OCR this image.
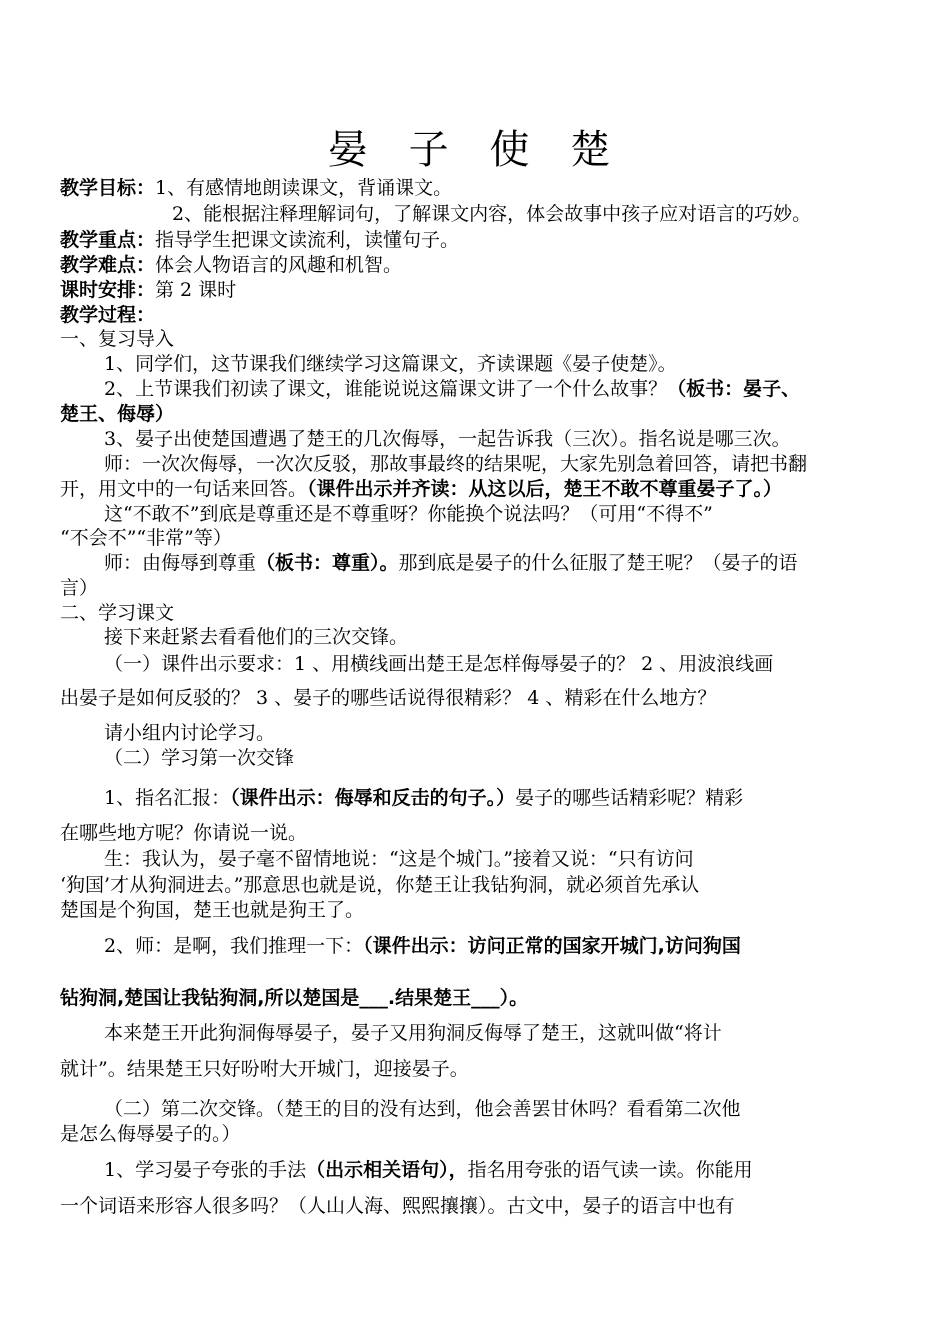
晏 子 使 楚
教学目标：1、有感情地朗读课文，背诵课文。
2、能根据注释理解词句，了解课文内容，体会故事中孩子应对语言的巧妙。
教学重点：指导学生把课文读流利，读懂句子。
教学难点：体会人物语言的风趣和机智。
课时安排：第 2 课时
教学过程：
一、复习导入
1、同学们，这节课我们继续学习这篇课文，齐读课题《晏子使楚》。
2、上节课我们初读了课文，谁能说说这篇课文讲了一个什么故事？（板书：晏子、
楚王、侮辱）
3、晏子出使楚国遭遇了楚王的几次侮辱，一起告诉我（三次）。指名说是哪三次。
师：一次次侮辱，一次次反驳，那故事最终的结果呢，大家先别急着回答，请把书翻
开，用文中的一句话来回答。（课件出示并齐读：从这以后，楚王不敢不尊重晏子了。）
这“不敢不”到底是尊重还是不尊重呀？你能换个说法吗？（可用“不得不”
“不会不”“非常”等）
师：由侮辱到尊重（板书：尊重）。那到底是晏子的什么征服了楚王呢？（晏子的语
言）
二、学习课文
接下来赶紧去看看他们的三次交锋。
（一）课件出示要求：1 、用横线画出楚王是怎样侮辱晏子的？ 2 、用波浪线画
出晏子是如何反驳的？ 3 、晏子的哪些话说得很精彩？ 4 、精彩在什么地方？
请小组内讨论学习。
（二）学习第一次交锋
1、指名汇报：（课件出示：侮辱和反击的句子。）晏子的哪些话精彩呢？精彩
在哪些地方呢？你请说一说。
生：我认为，晏子毫不留情地说：“这是个城门。”接着又说：“只有访问
‘狗国’才从狗洞进去。”那意思也就是说，你楚王让我钻狗洞，就必须首先承认
楚国是个狗国，楚王也就是狗王了。
2、师：是啊，我们推理一下：（课件出示：访问正常的国家开城门,访问狗国
钻狗洞,楚国让我钻狗洞,所以楚国是___.结果楚王___）。
本来楚王开此狗洞侮辱晏子，晏子又用狗洞反侮辱了楚王，这就叫做“将计
就计”。结果楚王只好吩咐大开城门，迎接晏子。
（二）第二次交锋。（楚王的目的没有达到，他会善罢甘休吗？看看第二次他
是怎么侮辱晏子的。）
1、学习晏子夸张的手法（出示相关语句），指名用夸张的语气读一读。你能用
一个词语来形容人很多吗？（人山人海、熙熙攘攘）。古文中，晏子的语言中也有
